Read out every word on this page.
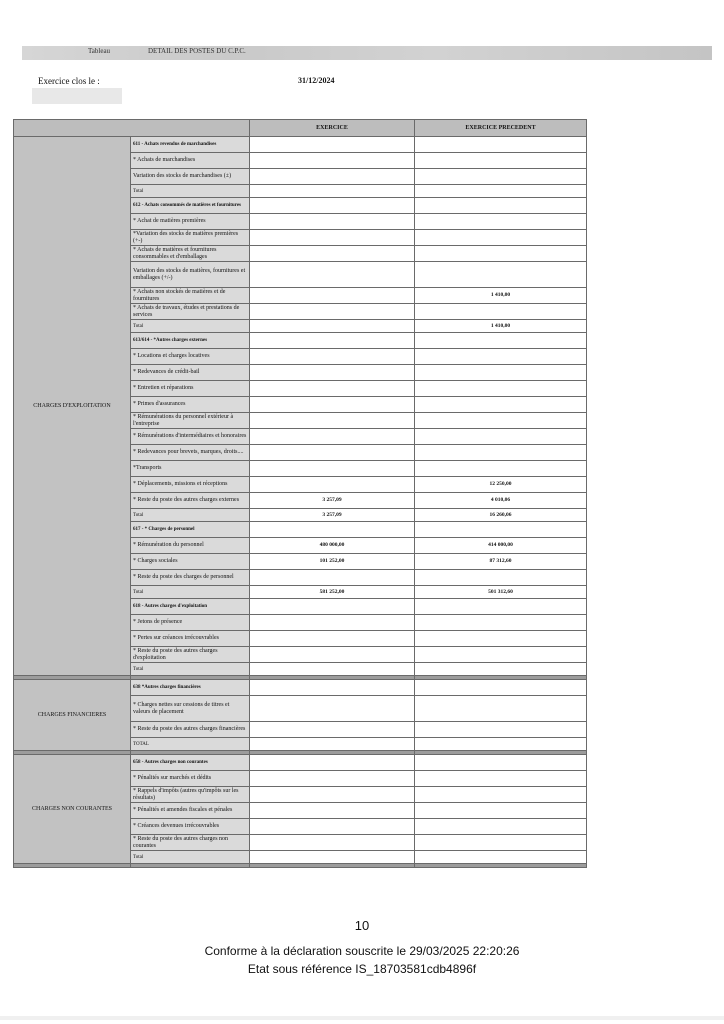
Tableau	DETAIL DES POSTES DU C.P.C.
Exercice clos le :	31/12/2024
		EXERCICE	EXERCICE PRECEDENT
CHARGES D'EXPLOITATION	611 - Achats revendus de marchandises		
	* Achats de marchandises		
	Variation des stocks de marchandises (±)		
	Total		
	612 - Achats consommés de matières et fournitures		
	* Achat de matières premières		
	*Variation des stocks de matières premières (+-)		
	* Achats de matières et fournitures consommables et d'emballages		
	Variation des stocks de matières, fournitures et emballages (+/-)		
	* Achats non stockés de matières et de fournitures		1 410,00
	* Achats de travaux, études et prestations de services		
	Total		1 410,00
	613/614 - *Autres charges externes		
	* Locations et charges locatives		
	* Redevances de crédit-bail		
	* Entretien et réparations		
	* Primes d'assurances		
	* Rémunérations du personnel extérieur à l'entreprise		
	* Rémunérations d'intermédiaires et honoraires		
	* Redevances pour brevets, marques, droits....		
	*Transports		
	* Déplacements, missions et réceptions		12 250,00
	* Reste du poste des autres charges externes	3 257,09	4 010,06
	Total	3 257,09	16 260,06
	617 - * Charges de personnel		
	* Rémunération du personnel	480 000,00	414 000,00
	* Charges sociales	101 252,00	87 312,60
	* Reste du poste des charges de personnel		
	Total	581 252,00	501 312,60
	618 - Autres charges d'exploitation		
	* Jetons de présence		
	* Pertes sur créances irrécouvrables		
	* Reste du poste des autres charges d'exploitation		
	Total		

CHARGES FINANCIERES	638 *Autres charges financières		
	* Charges nettes sur cessions de titres et valeurs de placement		
	* Reste du poste des autres charges financières		
	TOTAL		

CHARGES NON COURANTES	658 - Autres charges non courantes		
	* Pénalités sur marchés et dédits		
	* Rappels d'impôts (autres qu'impôts sur les résultats)		
	* Pénalités et amendes fiscales et pénales		
	* Créances devenues irrécouvrables		
	* Reste du poste des autres charges non courantes		
	Total		

10
Conforme à la déclaration souscrite le 29/03/2025 22:20:26
Etat sous référence IS_18703581cdb4896f
